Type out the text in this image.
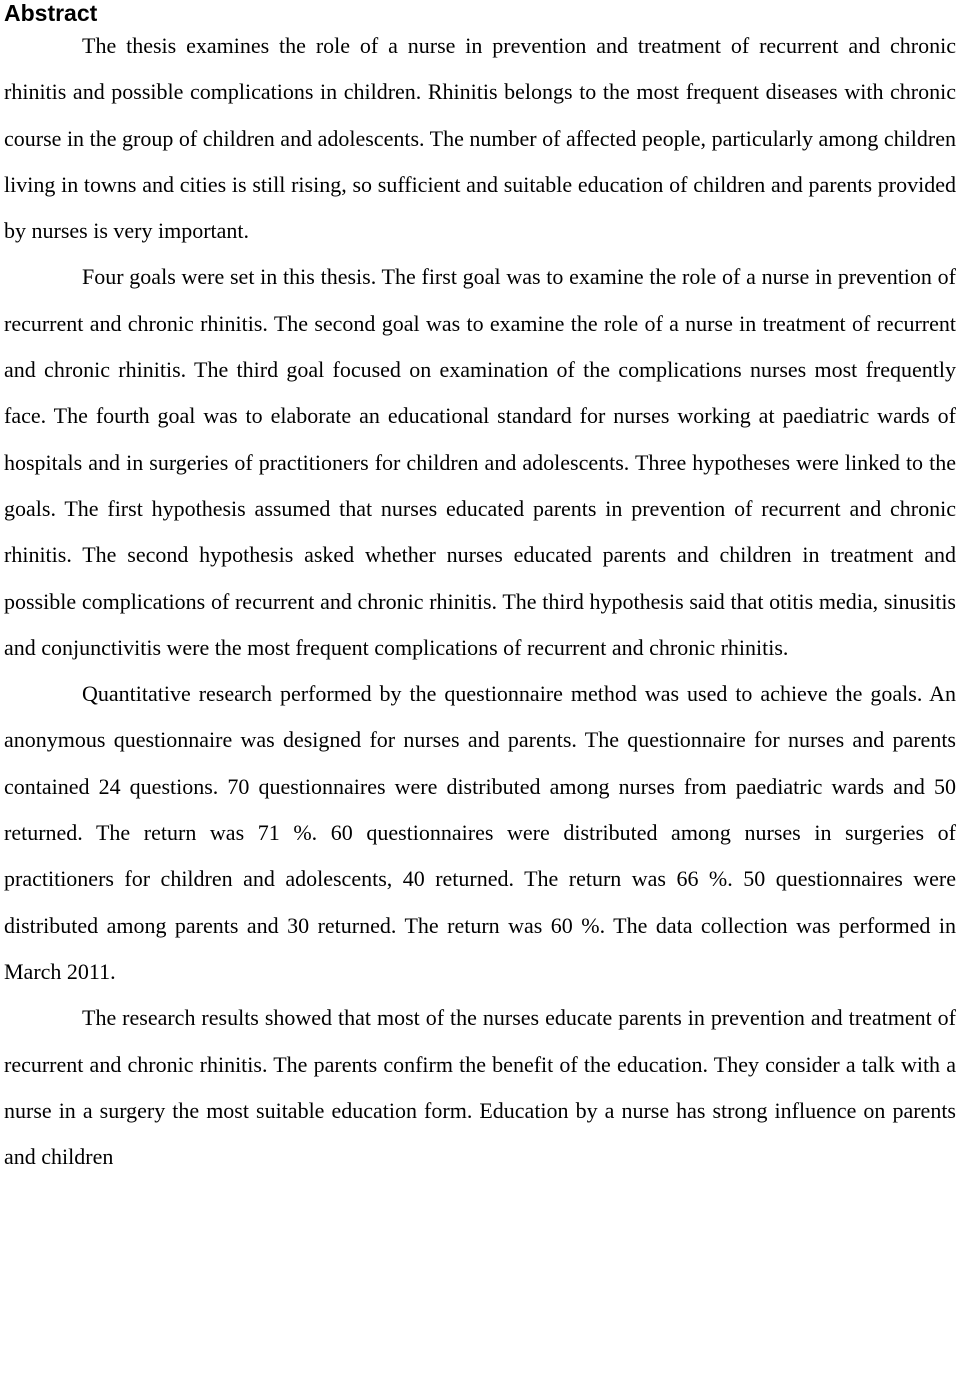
Abstract

The thesis examines the role of a nurse in prevention and treatment of recurrent and chronic rhinitis and possible complications in children. Rhinitis belongs to the most frequent diseases with chronic course in the group of children and adolescents. The number of affected people, particularly among children living in towns and cities is still rising, so sufficient and suitable education of children and parents provided by nurses is very important.

Four goals were set in this thesis. The first goal was to examine the role of a nurse in prevention of recurrent and chronic rhinitis. The second goal was to examine the role of a nurse in treatment of recurrent and chronic rhinitis. The third goal focused on examination of the complications nurses most frequently face. The fourth goal was to elaborate an educational standard for nurses working at paediatric wards of hospitals and in surgeries of practitioners for children and adolescents. Three hypotheses were linked to the goals. The first hypothesis assumed that nurses educated parents in prevention of recurrent and chronic rhinitis. The second hypothesis asked whether nurses educated parents and children in treatment and possible complications of recurrent and chronic rhinitis. The third hypothesis said that otitis media, sinusitis and conjunctivitis were the most frequent complications of recurrent and chronic rhinitis.

Quantitative research performed by the questionnaire method was used to achieve the goals. An anonymous questionnaire was designed for nurses and parents. The questionnaire for nurses and parents contained 24 questions. 70 questionnaires were distributed among nurses from paediatric wards and 50 returned. The return was 71 %. 60 questionnaires were distributed among nurses in surgeries of practitioners for children and adolescents, 40 returned. The return was 66 %. 50 questionnaires were distributed among parents and 30 returned. The return was 60 %. The data collection was performed in March 2011.

The research results showed that most of the nurses educate parents in prevention and treatment of recurrent and chronic rhinitis. The parents confirm the benefit of the education. They consider a talk with a nurse in a surgery the most suitable education form. Education by a nurse has strong influence on parents and children
